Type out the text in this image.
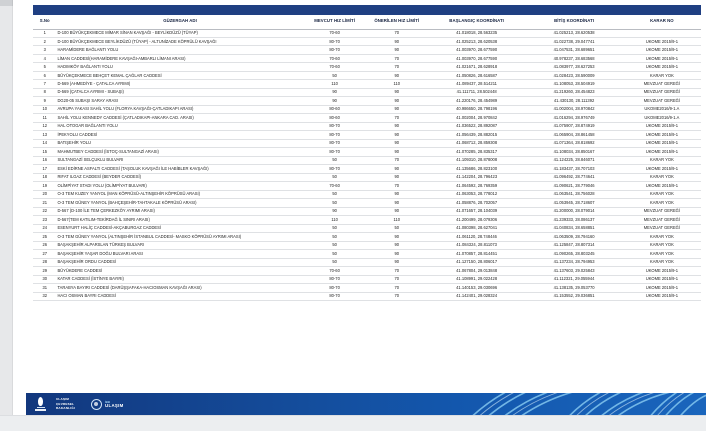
S.No	GÜZERGAH ADI	MEVCUT HIZ LİMİTİ	ÖNERİLEN HIZ LİMİTİ	BAŞLANGIÇ KOORDİNATI	BİTİŞ KOORDİNATI	KARAR NO
1	D-100 BÜYÜKÇEKMECE MİMAR SİNAN KAVŞAĞI - BEYLİKDÜZÜ (TÜYAP)	70-60	70	41.018018, 28.563235	41.025213, 28.620538	
2	D-100 BÜYÜKÇEKMECE BEYLİKDÜZÜ (TÜYAP) - ALTUNİZADE KÖPRÜLÜ KAVŞAĞI	80-70	90	41.025213, 28.620538	41.022738, 29.047741	UKOME 2015/9-1
3	HARAMİDERE BAĞLANTI YOLU	80-70	90	41.003970, 28.677590	41.047531, 28.689651	UKOME 2015/9-1
4	LİMAN CADDESİ(HARAMİDERE KAVŞAĞI-AMBARLI LİMANI ARASI)	70-60	70	41.003970, 28.677590	40.978237, 28.683568	UKOME 2015/9-1
5	HADIMKÖY BAĞLANTI YOLU	70-60	70	41.021671, 28.628918	41.083977, 28.627253	UKOME 2015/9-1
6	BÜYÜKÇEKMECE BEHÇET KEMAL ÇAĞLAR CADDESİ	50	90	41.050826, 28.616587	41.028423, 28.590009	KARAR YOK
7	D-569 (AHMEDİYE - ÇATALCA AYRIMI)	110	110	41.089437, 28.514211	41.108053, 28.504919	MEVZUAT GEREĞİ
8	D-569 (ÇATALCA AYRIMI - SUBAŞI)	90	90	41.111711, 28.502448	41.219260, 28.454823	MEVZUAT GEREĞİ
9	DG20-05 SUBAŞI SARAY ARASI	90	90	41.220176, 28.454989	41.430130, 28.111392	MEVZUAT GEREĞİ
10	AVRUPA YAKASI SAHİL YOLU (FLORYA KAVŞAĞI-ÇATLADIKAPI ARASI)	80-60	90	40.986650, 28.798196	41.002004, 28.970842	UKOME2016/9-1.A
11	SAHİL YOLU KENNEDY CADDESİ (ÇATLADIKAPI-ANKARA CAD. ARASI)	80-60	70	41.002004, 28.970842	41.016294, 28.976749	UKOME2016/9-1.A
12	HAL OTOGAR BAĞLANTI YOLU	80-70	90	41.036522, 28.892087	41.075907, 28.874919	UKOME 2015/9-1
13	İPEKYOLU CADDESİ	80-70	90	41.056439, 28.882015	41.065904, 28.861458	UKOME 2015/9-1
14	BATIŞEHİR YOLU	80-70	90	41.068712, 28.859308	41.071364, 28.818692	UKOME 2015/9-1
15	MAHMUTBEY CADDESİ (İSTOÇ-SULTANGAZİ ARASI)	80-70	90	41.070285, 28.835317	41.108034, 28.850167	UKOME 2015/9-1
16	SULTANGAZİ SELÇUKLU BULVARI	50	70	41.109310, 28.878008	41.124225, 28.846071	KARAR YOK
17	ESKİ EDİRNE ASFALTI CADDESİ (TAŞOLUK KAVŞAĞI İLE HABİBLER KAVŞAĞI)	80-70	90	41.135686, 28.823100	41.183437, 28.707103	UKOME 2015/9-1
18	RIFAT ILGAZ CADDESİ (BEYDER CADDESİ)	50	90	41.142204, 28.796423	41.096492, 28.774641	KARAR YOK
19	OLİMPİYAT STADI YOLU (OLİMPİYAT BULVARI)	70-60	70	41.064592, 28.769359	41.090621, 28.779046	UKOME 2015/9-1
20	O-3 TEM KUZEY YANYOL (MAN KÖPRÜSÜ-ALTINŞEHİR KÖPRÜSÜ ARASI)	50	90	41.063053, 28.778012	41.063541, 28.756028	KARAR YOK
21	O-3 TEM GÜNEY YANYOL (BAHÇEŞEHİR-TAHTAKALE KÖPRÜSÜ ARASI)	50	90	41.058876, 28.702057	41.053945, 28.718607	KARAR YOK
22	D-567 (D-100 İLE TEM ÇERKEZKÖY AYRIMI ARASI)	90	90	41.071657, 28.104039	41.200000, 28.079014	MEVZUAT GEREĞİ
23	D-567(TEM KATILIM-TEKİRDAĞ İL SINIRI ARASI)	110	110	41.200499, 28.079306	41.239333, 28.086137	MEVZUAT GEREĞİ
24	ESENYURT HALİÇ CADDESİ-AKÇABURGAZ CADDESİ	50	50	41.080398, 28.627041	41.040834, 28.658851	MEVZUAT GEREĞİ
25	O-3 TEM GÜNEY YANYOL (ALTINŞEHİR İSTANBUL CADDESİ- MASKO KÖPRÜSÜ AYRIMI ARASI)	50	90	41.061120, 28.748446	41.063509, 28.794160	KARAR YOK
26	BAŞAKŞEHİR ALPARSLAN TÜRKEŞ BULVARI	50	90	41.084324, 28.811073	41.125847, 28.807314	KARAR YOK
27	BAŞAKŞEHİR YAŞAR DOĞU BULVARI ARASI	50	90	41.070857, 28.814451	41.090265, 28.803245	KARAR YOK
28	BAŞAKŞEHİR ORDU CADDESİ	50	90	41.127150, 28.806017	41.137234, 28.794953	KARAR YOK
29	BÜYÜKDERE CADDESİ	70-60	70	41.067804, 29.013848	41.137603, 29.025843	UKOME 2015/9-1
30	KATAR CADDESİ (İSTİNYE BAYIRI)	80-70	70	41.108991, 29.022428	41.112321, 29.055944	UKOME 2015/9-1
31	TARABYA BAYIRI CADDESİ (DARÜŞŞAFAKA-HACIOSMAN KAVŞAĞI ARASI)	80-70	70	41.140153, 29.030696	41.138135, 29.053770	UKOME 2015/9-1
32	HACI OSMAN BAYRI CADDESİ	80-70	70	41.142401, 29.028324	41.153552, 29.036851	UKOME 2015/9-1
ULAŞIM
ÇEVRESEL
BAKANLIĞI
İBB
ULAŞIM
